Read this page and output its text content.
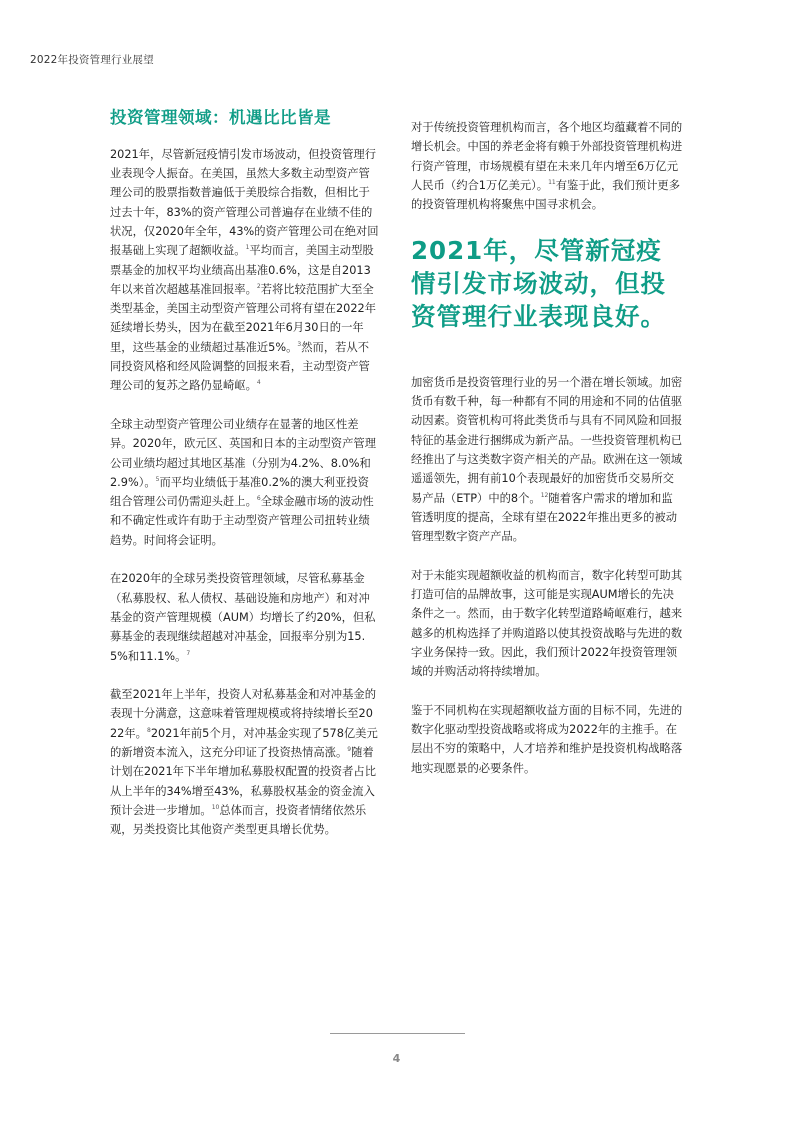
2022年投资管理行业展望
投资管理领域：机遇比比皆是

2021年，尽管新冠疫情引发市场波动，但投资管理行业表现令人振奋。在美国，虽然大多数主动型资产管理公司的股票指数普遍低于美股综合指数，但相比于过去十年，83%的资产管理公司普遍存在业绩不佳的状况，仅2020年全年，43%的资产管理公司在绝对回报基础上实现了超额收益。$^1$平均而言，美国主动型股票基金的加权平均业绩高出基准0.6%，这是自2013年以来首次超越基准回报率。$^2$若将比较范围扩大至全类型基金，美国主动型资产管理公司将有望在2022年延续增长势头，因为在截至2021年6月30日的一年里，这些基金的业绩超过基准近5%。$^3$然而，若从不同投资风格和经风险调整的回报来看，主动型资产管理公司的复苏之路仍显崎岖。$^4$

全球主动型资产管理公司业绩存在显著的地区性差异。2020年，欧元区、英国和日本的主动型资产管理公司业绩均超过其地区基准（分别为4.2%、8.0%和2.9%）。$^5$而平均业绩低于基准0.2%的澳大利亚投资组合管理公司仍需迎头赶上。$^6$全球金融市场的波动性和不确定性或许有助于主动型资产管理公司扭转业绩趋势。时间将会证明。

在2020年的全球另类投资管理领域，尽管私募基金（私募股权、私人债权、基础设施和房地产）和对冲基金的资产管理规模（AUM）均增长了约20%，但私募基金的表现继续超越对冲基金，回报率分别为15.5%和11.1%。$^7$

截至2021年上半年，投资人对私募基金和对冲基金的表现十分满意，这意味着管理规模或将持续增长至2022年。$^8$2021年前5个月，对冲基金实现了578亿美元的新增资本流入，这充分印证了投资热情高涨。$^9$随着计划在2021年下半年增加私募股权配置的投资者占比从上半年的34%增至43%，私募股权基金的资金流入预计会进一步增加。$^{10}$总体而言，投资者情绪依然乐观，另类投资比其他资产类型更具增长优势。

对于传统投资管理机构而言，各个地区均蕴藏着不同的增长机会。中国的养老金将有赖于外部投资管理机构进行资产管理，市场规模有望在未来几年内增至6万亿元人民币（约合1万亿美元）。$^{11}$有鉴于此，我们预计更多的投资管理机构将聚焦中国寻求机会。

2021年，尽管新冠疫情引发市场波动，但投资管理行业表现良好。

加密货币是投资管理行业的另一个潜在增长领域。加密货币有数千种，每一种都有不同的用途和不同的估值驱动因素。资管机构可将此类货币与具有不同风险和回报特征的基金进行捆绑成为新产品。一些投资管理机构已经推出了与这类数字资产相关的产品。欧洲在这一领域遥遥领先，拥有前10个表现最好的加密货币交易所交易产品（ETP）中的8个。$^{12}$随着客户需求的增加和监管透明度的提高，全球有望在2022年推出更多的被动管理型数字资产产品。

对于未能实现超额收益的机构而言，数字化转型可助其打造可信的品牌故事，这可能是实现AUM增长的先决条件之一。然而，由于数字化转型道路崎岖难行，越来越多的机构选择了并购道路以使其投资战略与先进的数字业务保持一致。因此，我们预计2022年投资管理领域的并购活动将持续增加。

鉴于不同机构在实现超额收益方面的目标不同，先进的数字化驱动型投资战略或将成为2022年的主推手。在层出不穷的策略中，人才培养和维护是投资机构战略落地实现愿景的必要条件。

4
